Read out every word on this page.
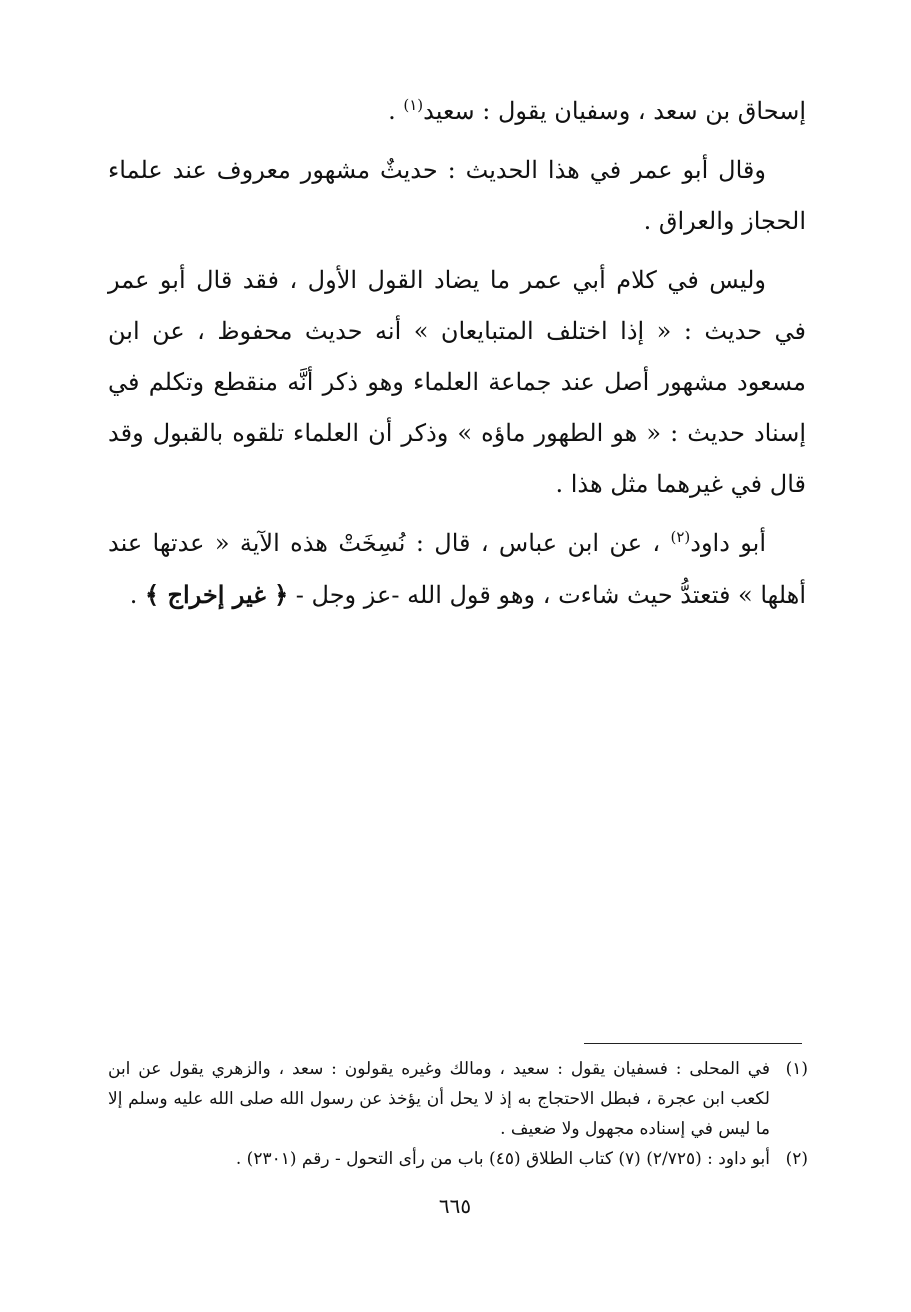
إسحاق بن سعد ، وسفيان يقول : سعيد$^{(١)}$ .

وقال أبو عمر في هذا الحديث : حديثٌ مشهور معروف عند علماء الحجاز والعراق .

وليس في كلام أبي عمر ما يضاد القول الأول ، فقد قال أبو عمر في حديث : « إذا اختلف المتبايعان » أنه حديث محفوظ ، عن ابن مسعود مشهور أصل عند جماعة العلماء وهو ذكر أنَّه منقطع وتكلم في إسناد حديث : « هو الطهور ماؤه » وذكر أن العلماء تلقوه بالقبول وقد قال في غيرهما مثل هذا .

أبو داود$^{(٢)}$ ، عن ابن عباس ، قال : نُسِخَتْ هذه الآية « عدتها عند أهلها » فتعتدُّ حيث شاءت ، وهو قول الله -عز وجل - ﴿ غير إخراج ﴾ .

(١)
في المحلى : فسفيان يقول : سعيد ، ومالك وغيره يقولون : سعد ، والزهري يقول عن ابن لكعب ابن عجرة ، فبطل الاحتجاج به إذ لا يحل أن يؤخذ عن رسول الله صلى الله عليه وسلم إلا ما ليس في إسناده مجهول ولا ضعيف .
(٢)
أبو داود : (٢/٧٢٥) (٧) كتاب الطلاق (٤٥) باب من رأى التحول - رقم (٢٣٠١) .
٦٦٥
